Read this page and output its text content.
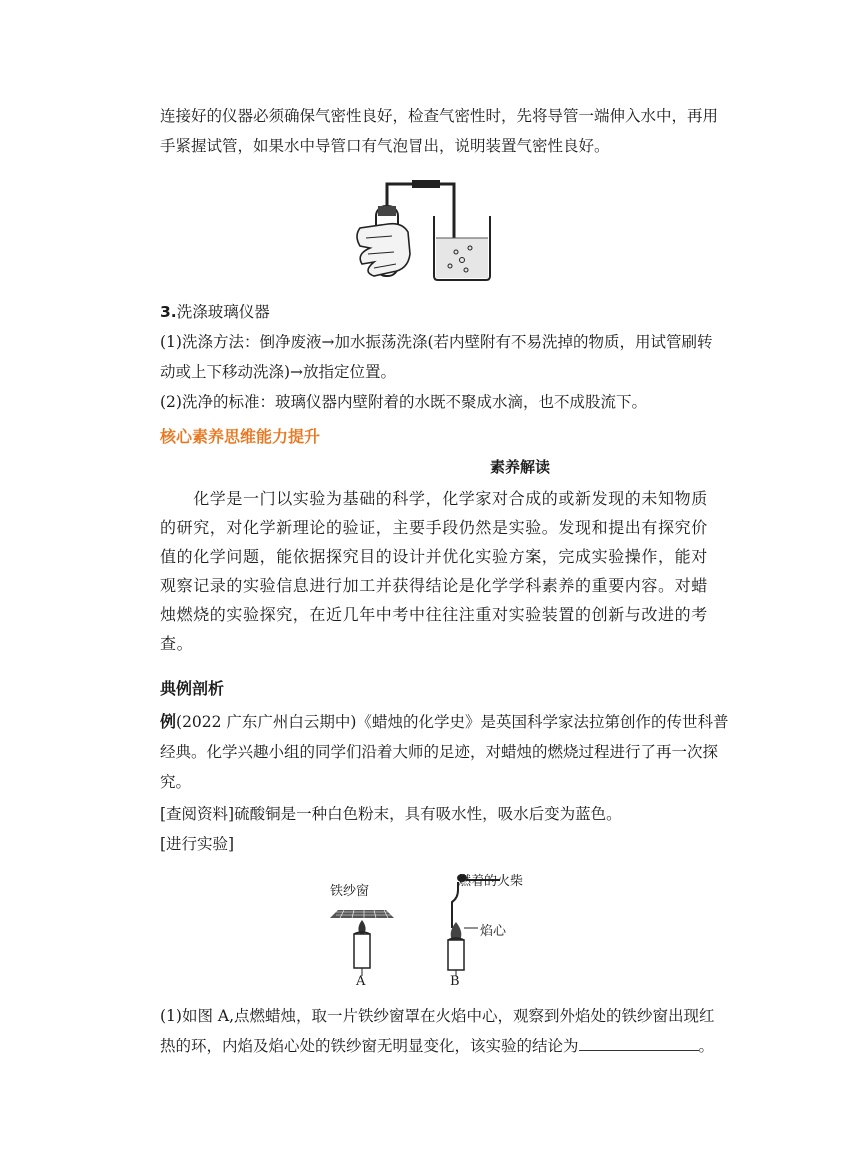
连接好的仪器必须确保气密性良好，检查气密性时，先将导管一端伸入水中，再用
手紧握试管，如果水中导管口有气泡冒出，说明装置气密性良好。
3.洗涤玻璃仪器
(1)洗涤方法：倒净废液→加水振荡洗涤(若内壁附有不易洗掉的物质，用试管刷转
动或上下移动洗涤)→放指定位置。
(2)洗净的标准：玻璃仪器内壁附着的水既不聚成水滴，也不成股流下。
核心素养思维能力提升
素养解读
　　化学是一门以实验为基础的科学，化学家对合成的或新发现的未知物质
的研究，对化学新理论的验证，主要手段仍然是实验。发现和提出有探究价
值的化学问题，能依据探究目的设计并优化实验方案，完成实验操作，能对
观察记录的实验信息进行加工并获得结论是化学学科素养的重要内容。对蜡
烛燃烧的实验探究，在近几年中考中往往注重对实验装置的创新与改进的考
查。
典例剖析
例(2022 广东广州白云期中)《蜡烛的化学史》是英国科学家法拉第创作的传世科普
经典。化学兴趣小组的同学们沿着大师的足迹，对蜡烛的燃烧过程进行了再一次探
究。
[查阅资料]硫酸铜是一种白色粉末，具有吸水性，吸水后变为蓝色。
[进行实验]
铁纱窗
燃着的火柴
焰心
A	B
(1)如图 A,点燃蜡烛，取一片铁纱窗罩在火焰中心，观察到外焰处的铁纱窗出现红
热的环，内焰及焰心处的铁纱窗无明显变化，该实验的结论为	。
